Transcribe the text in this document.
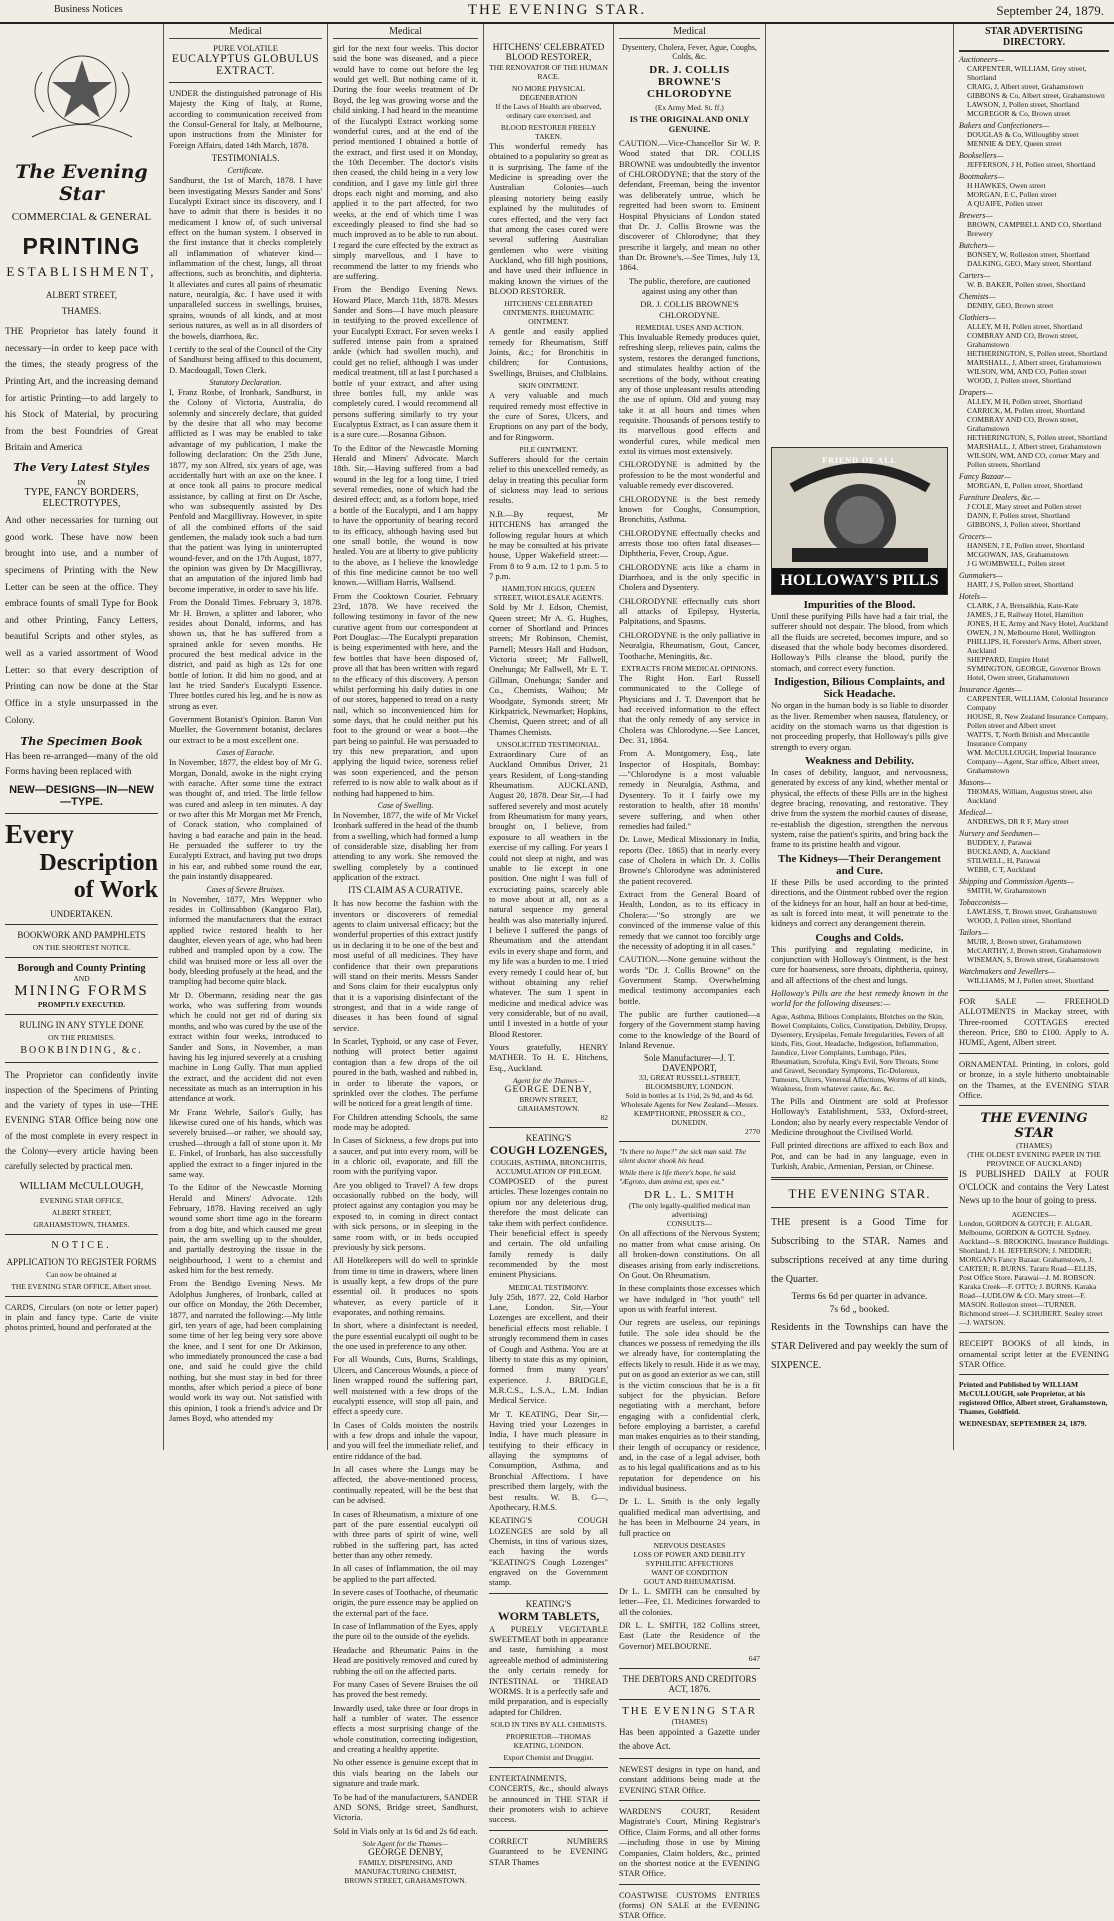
Business Notices	THE EVENING STAR.	September 24, 1879.
The Evening Star
COMMERCIAL & GENERAL
PRINTING
ESTABLISHMENT,
ALBERT STREET,
THAMES.

THE Proprietor has lately found it necessary—in order to keep pace with the times, the steady progress of the Printing Art, and the increasing demand for artistic Printing—to add largely to his Stock of Material, by procuring from the best Foundries of Great Britain and America

The Very Latest Styles
IN
TYPE, FANCY BORDERS, ELECTROTYPES,

And other necessaries for turning out good work. These have now been brought into use, and a number of specimens of Printing with the New Letter can be seen at the office. They embrace founts of small Type for Book and other Printing, Fancy Letters, beautiful Scripts and other styles, as well as a varied assortment of Wood Letter: so that every description of Printing can now be done at the Star Office in a style unsurpassed in the Colony.

The Specimen Book

Has been re-arranged—many of the old Forms having been replaced with

NEW—DESIGNS—IN—NEW—TYPE.
Every
Description
of Work
UNDERTAKEN.
BOOKWORK AND PAMPHLETS
ON THE SHORTEST NOTICE.
Borough and County Printing
AND
MINING FORMS
PROMPTLY EXECUTED.
RULING IN ANY STYLE DONE
ON THE PREMISES.
BOOKBINDING, &c.

The Proprietor can confidently invite inspection of the Specimens of Printing and the variety of types in use—THE EVENING STAR Office being now one of the most complete in every respect in the Colony—every article having been carefully selected by practical men.

WILLIAM McCULLOUGH,
EVENING STAR OFFICE,
ALBERT STREET,
GRAHAMSTOWN, THAMES.
NOTICE.

APPLICATION TO REGISTER FORMS

Can now be obtained at

THE EVENING STAR OFFICE, Albert street.

CARDS, Circulars (on note or letter paper) in plain and fancy type. Carte de visite photos printed, bound and perforated at the

Medical
PURE VOLATILE
EUCALYPTUS GLOBULUS EXTRACT.

UNDER the distinguished patronage of His Majesty the King of Italy, at Rome, according to communication received from the Consul-General for Italy, at Melbourne, upon instructions from the Minister for Foreign Affairs, dated 14th March, 1878.

TESTIMONIALS.
Certificate.

Sandhurst, the 1st of March, 1878. I have been investigating Messrs Sander and Sons' Eucalypti Extract since its discovery, and I have to admit that there is besides it no medicament I know of, of such universal effect on the human system. I observed in the first instance that it checks completely all inflammation of whatever kind—inflammation of the chest, lungs, all throat affections, such as bronchitis, and diphteria. It alleviates and cures all pains of rheumatic nature, neuralgia, &c. I have used it with unparalleled success in swellings, bruises, sprains, wounds of all kinds, and at most serious natures, as well as in all disorders of the bowels, diarrhoea, &c.

I certify to the seal of the Council of the City of Sandhurst being affixed to this document, D. Macdougall, Town Clerk.

Statutory Declaration.

I, Franz Rosbe, of Ironbark, Sandhurst, in the Colony of Victoria, Australia, do solemnly and sincerely declare, that guided by the desire that all who may become afflicted as I was may be enabled to take advantage of my publication, I make the following declaration: On the 25th June, 1877, my son Alfred, six years of age, was accidentally hurt with an axe on the knee. I at once took all pains to procure medical assistance, by calling at first on Dr Asche, who was subsequently assisted by Drs Penfold and Macgillivray. However, in spite of all the combined efforts of the said gentlemen, the malady took such a bad turn that the patient was lying in uninterrupted wound-fever, and on the 17th August, 1877, the opinion was given by Dr Macgillivray, that an amputation of the injured limb had become imperative, in order to save his life.

From the Donald Times. February 3, 1878. Mr H. Brown, a splitter and laborer, who resides about Donald, informs, and has shown us, that he has suffered from a sprained ankle for seven months. He procured the best medical advice in the district, and paid as high as 12s for one bottle of lotion. It did him no good, and at last he tried Sander's Eucalypti Essence. Three bottles cured his leg, and he is now as strong as ever.

Government Botanist's Opinion. Baron Von Mueller, the Government botanist, declares our extract to be a most excellent one.

Cases of Earache.

In November, 1877, the eldest boy of Mr G. Morgan, Donald, awoke in the night crying with earache. After some time the extract was thought of, and tried. The little fellow was cured and asleep in ten minutes. A day or two after this Mr Morgan met Mr French, of Corack station, who complained of having a bad earache and pain in the head. He persuaded the sufferer to try the Eucalypti Extract, and having put two drops in his ear, and rubbed some round the ear, the pain instantly disappeared.

Cases of Severe Bruises.

In November, 1877, Mrs Weppner who resides in Collinsabbon (Kangaroo Flat), informed the manufacturers that the extract applied twice restored health to her daughter, eleven years of age, who had been rubbed and trampled upon by a cow. The child was bruised more or less all over the body, bleeding profusely at the head, and the trampling had become quite black.

Mr D. Obermann, residing near the gas works, who was suffering from wounds which he could not get rid of during six months, and who was cured by the use of the extract within four weeks, introduced to Sander and Sons, in November, a man having his leg injured severely at a crushing machine in Long Gully. That man applied the extract, and the accident did not even necessitate as much as an interruption in his attendance at work.

Mr Franz Wehrle, Sailor's Gully, has likewise cured one of his hands, which was severely bruised—or rather, we should say, crushed—through a fall of stone upon it. Mr E. Finkel, of Ironbark, has also successfully applied the extract to a finger injured in the same way.

To the Editor of the Newcastle Morning Herald and Miners' Advocate. 12th February, 1878. Having received an ugly wound some short time ago in the forearm from a dog bite, and which caused me great pain, the arm swelling up to the shoulder, and partially destroying the tissue in the neighbourhood, I went to a chemist and asked him for the best remedy.

From the Bendigo Evening News. Mr Adolphus Jungheres, of Ironbark, called at our office on Monday, the 26th December, 1877, and narrated the following:—My little girl, ten years of age, had been complaining some time of her leg being very sore above the knee, and I sent for one Dr Atkinson, who immediately pronounced the case a bad one, and said he could give the child nothing, but she must stay in bed for three months, after which period a piece of bone would work its way out. Not satisfied with this opinion, I took a friend's advice and Dr James Boyd, who attended my

Medical

girl for the next four weeks. This doctor said the bone was diseased, and a piece would have to come out before the leg would get well. But nothing came of it. During the four weeks treatment of Dr Boyd, the leg was growing worse and the child sinking. I had heard in the meantime of the Eucalypti Extract working some wonderful cures, and at the end of the period mentioned I obtained a bottle of the extract, and first used it on Monday, the 10th December. The doctor's visits then ceased, the child being in a very low condition, and I gave my little girl three drops each night and morning, and also applied it to the part affected, for two weeks, at the end of which time I was exceedingly pleased to find she had so much improved as to be able to run about. I regard the cure effected by the extract as simply marvellous, and I have to recommend the latter to my friends who are suffering.

From the Bendigo Evening News. Howard Place, March 11th, 1878. Messrs Sander and Sons—I have much pleasure in testifying to the proved excellence of your Eucalypti Extract. For seven weeks I suffered intense pain from a sprained ankle (which had swollen much), and could get no relief, although I was under medical treatment, till at last I purchased a bottle of your extract, and after using three bottles full, my ankle was completely cured. I would recommend all persons suffering similarly to try your Eucalyptus Extract, as I can assure them it is a sure cure.—Rosanna Gibson.

To the Editor of the Newcastle Morning Herald and Miners' Advocate. March 18th. Sir,—Having suffered from a bad wound in the leg for a long time, I tried several remedies, none of which had the desired effect; and, as a forlorn hope, tried a bottle of the Eucalypti, and I am happy to have the opportunity of bearing record to its efficacy, although having used but one small bottle, the wound is now healed. You are at liberty to give publicity to the above, as I believe the knowledge of this fine medicine cannot be too well known.—William Harris, Wallsend.

From the Cooktown Courier. February 23rd, 1878. We have received the following testimony in favor of the new curative agent from our correspondent at Port Douglas:—The Eucalypti preparation is being experimented with here, and the few bottles that have been disposed of, prove all that has been written with regard to the efficacy of this discovery. A person whilst performing his daily duties in one of our stores, happened to tread on a rusty nail, which so inconvenienced him for some days, that he could neither put his foot to the ground or wear a boot—the part being so painful. He was persuaded to try this new preparation, and upon applying the liquid twice, soreness relief was soon experienced, and the person referred to is now able to walk about as if nothing had happened to him.

Case of Swelling.

In November, 1877, the wife of Mr Vickel Ironbark suffered in the head of the thumb from a swelling, which had formed a lump of considerable size, disabling her from attending to any work. She removed the swelling completely by a continued application of the extract.

ITS CLAIM AS A CURATIVE.

It has now become the fashion with the inventors or discoverers of remedial agents to claim universal efficacy; but the wonderful properties of this extract justify us in declaring it to be one of the best and most useful of all medicines. They have confidence that their own preparations will stand on their merits. Messrs Sander and Sons claim for their eucalyptus only that it is a vaporising disinfectant of the strongest, and that in a wide range of diseases it has been found of signal service.

In Scarlet, Typhoid, or any case of Fever, nothing will protect better against contagion than a few drops of the oil poured in the bath, washed and rubbed in, in order to liberate the vapors, or sprinkled over the clothes. The perfume will be noticed for a great length of time.

For Children attending Schools, the same mode may be adopted.

In Cases of Sickness, a few drops put into a saucer, and put into every room, will be in a chloric oil, evaporate, and fill the room with the purifying vapor.

Are you obliged to Travel? A few drops occasionally rubbed on the body, will protect against any contagion you may be exposed to, in coming in direct contact with sick persons, or in sleeping in the same room with, or in beds occupied previously by sick persons.

All Hotelkeepers will do well to sprinkle from time to time in drawers, where linen is usually kept, a few drops of the pure essential oil. It produces no spots whatever, as every particle of it evaporates, and nothing remains.

In short, where a disinfectant is needed, the pure essential eucalypti oil ought to be the one used in preference to any other.

For all Wounds, Cuts, Burns, Scaldings, Ulcers, and Cancerous Wounds, a piece of linen wrapped round the suffering part, well moistened with a few drops of the eucalypti essence, will stop all pain, and effect a speedy cure.

In Cases of Colds moisten the nostrils with a few drops and inhale the vapour, and you will feel the immediate relief, and entire riddance of the bad.

In all cases where the Lungs may be affected, the above-mentioned process, continually repeated, will be the best that can be advised.

In cases of Rheumatism, a mixture of one part of the pure essential eucalypti oil with three parts of spirit of wine, well rubbed in the suffering part, has acted better than any other remedy.

In all cases of Inflammation, the oil may be applied to the part affected.

In severe cases of Toothache, of rheumatic origin, the pure essence may be applied on the external part of the face.

In case of Inflammation of the Eyes, apply the pure oil to the outside of the eyelids.

Headache and Rheumatic Pains in the Head are positively removed and cured by rubbing the oil on the affected parts.

For many Cases of Severe Bruises the oil has proved the best remedy.

Inwardly used, take three or four drops in half a tumbler of water. The essence effects a most surprising change of the whole constitution, correcting indigestion, and creating a healthy appetite.

No other essence is genuine except that in this vials bearing on the labels our signature and trade mark.

To be had of the manufacturers, SANDER AND SONS, Bridge street, Sandhurst, Victoria.

Sold in Vials only at 1s 6d and 2s 6d each.

Sole Agent for the Thames—
GEORGE DENBY,
FAMILY, DISPENSING, AND MANUFACTURING CHEMIST,
BROWN STREET, GRAHAMSTOWN.
HITCHENS' CELEBRATED BLOOD RESTORER,
THE RENOVATOR OF THE HUMAN RACE.
NO MORE PHYSICAL DEGENERATION

If the Laws of Health are observed, ordinary care exercised, and

BLOOD RESTORER FREELY TAKEN.

This wonderful remedy has obtained to a popularity so great as it is surprising. The fame of the Medicine is spreading over the Australian Colonies—such pleasing notoriety being easily explained by the multitudes of cures effected, and the very fact that among the cases cured were several suffering Australian gentlemen who were visiting Auckland, who fill high positions, and have used their influence in making known the virtues of the BLOOD RESTORER.

HITCHENS' CELEBRATED OINTMENTS. RHEUMATIC OINTMENT.

A gentle and easily applied remedy for Rheumatism, Stiff Joints, &c.; for Bronchitis in children; for Contusions, Swellings, Bruises, and Chilblains.

SKIN OINTMENT.

A very valuable and much required remedy most effective in the cure of Sores, Ulcers, and Eruptions on any part of the body, and for Ringworm.

PILE OINTMENT.

Sufferers should for the certain relief to this unexcelled remedy, as delay in treating this peculiar form of sickness may lead to serious results.

N.B.—By request, Mr HITCHENS has arranged the following regular hours at which he may be consulted at his private house, Upper Wakefield street:— From 8 to 9 a.m. 12 to 1 p.m. 5 to 7 p.m.

HAMILTON HIGGS, QUEEN STREET, WHOLESALE AGENTS.

Sold by Mr J. Edson, Chemist, Queen street; Mr A. G. Hughes, corner of Shortland and Princes streets; Mr Robinson, Chemist, Parnell; Messrs Hall and Hudson, Victoria street; Mr Fallwell, Onehunga; Mr Fallwell, Mr E. T. Gillman, Onehunga; Sander and Co., Chemists, Waihou; Mr Woodgate, Symonds street; Mr Kirkpatrick, Newmarket; Hopkins, Chemist, Queen street; and of all Thames Chemists.

UNSOLICITED TESTIMONIAL.

Extraordinary Cure of an Auckland Omnibus Driver, 21 years Resident, of Long-standing Rheumatism. AUCKLAND, August 20, 1878. Dear Sir,—I had suffered severely and most acutely from Rheumatism for many years, brought on, I believe, from exposure to all weathers in the exercise of my calling. For years I could not sleep at night, and was unable to lie except in one position. One night I was full of excruciating pains, scarcely able to move about at all, not as a natural sequence my general health was also materially injured. I believe I suffered the pangs of Rheumatism and the attendant evils in every shape and form, and my life was a burden to me. I tried every remedy I could hear of, but without obtaining any relief whatever. The sum I spent in medicine and medical advice was very considerable, but of no avail, until I invested in a bottle of your Blood Restorer.

Yours gratefully, HENRY MATHER. To H. E. Hitchens, Esq., Auckland.

Agent for the Thames—
GEORGE DENBY,
BROWN STREET, GRAHAMSTOWN.
82
KEATING'S
COUGH LOZENGES,
COUGHS, ASTHMA, BRONCHITIS, ACCUMULATION OF PHLEGM.

COMPOSED of the purest articles. These lozenges contain no opium nor any deleterious drug, therefore the most delicate can take them with perfect confidence. Their beneficial effect is speedy and certain. The old unfailing family remedy is daily recommended by the most eminent Physicians.

MEDICAL TESTIMONY.

July 25th, 1877. 22, Cold Harbor Lane, London. Sir,—Your Lozenges are excellent, and their beneficial effects most reliable. I strongly recommend them in cases of Cough and Asthma. You are at liberty to state this as my opinion, formed from many years' experience. J. BRIDGLE, M.R.C.S., L.S.A., L.M. Indian Medical Service.

Mr T. KEATING, Dear Sir,—Having tried your Lozenges in India, I have much pleasure in testifying to their efficacy in allaying the symptoms of Consumption, Asthma, and Bronchial Affections. I have prescribed them largely, with the best results. W. B. G—, Apothecary, H.M.S.

KEATING'S COUGH LOZENGES are sold by all Chemists, in tins of various sizes, each having the words "KEATING'S Cough Lozenges" engraved on the Government stamp.

KEATING'S
WORM TABLETS,

A PURELY VEGETABLE SWEETMEAT both in appearance and taste, furnishing a most agreeable method of administering the only certain remedy for INTESTINAL or THREAD WORMS. It is a perfectly safe and mild preparation, and is especially adapted for Children.

SOLD IN TINS BY ALL CHEMISTS.

PROPRIETOR—THOMAS KEATING, LONDON.

Export Chemist and Druggist.

ENTERTAINMENTS, CONCERTS, &c., should always be announced in THE STAR if their promoters wish to achieve success.

CORRECT NUMBERS Guaranteed to be EVENING STAR Thames

Medical
Dysentery, Cholera, Fever, Ague, Coughs, Colds, &c.
DR. J. COLLIS BROWNE'S CHLORODYNE
(Ex Army Med. St. ff.)
IS THE ORIGINAL AND ONLY GENUINE.

CAUTION.—Vice-Chancellor Sir W. P. Wood stated that DR. COLLIS BROWNE was undoubtedly the inventor of CHLORODYNE; that the story of the defendant, Freeman, being the inventor was deliberately untrue, which he regretted had been sworn to. Eminent Hospital Physicians of London stated that Dr. J. Collis Browne was the discoverer of Chlorodyne; that they prescribe it largely, and mean no other than Dr. Browne's.—See Times, July 13, 1864.

The public, therefore, are cautioned against using any other than

DR. J. COLLIS BROWNE'S CHLORODYNE.

REMEDIAL USES AND ACTION.

This Invaluable Remedy produces quiet, refreshing sleep, relieves pain, calms the system, restores the deranged functions, and stimulates healthy action of the secretions of the body, without creating any of those unpleasant results attending the use of opium. Old and young may take it at all hours and times when requisite. Thousands of persons testify to its marvellous good effects and wonderful cures, while medical men extol its virtues most extensively.

CHLORODYNE is admitted by the profession to be the most wonderful and valuable remedy ever discovered.

CHLORODYNE is the best remedy known for Coughs, Consumption, Bronchitis, Asthma.

CHLORODYNE effectually checks and arrests those too often fatal diseases—Diphtheria, Fever, Croup, Ague.

CHLORODYNE acts like a charm in Diarrhoea, and is the only specific in Cholera and Dysentery.

CHLORODYNE effectually cuts short all attacks of Epilepsy, Hysteria, Palpitations, and Spasms.

CHLORODYNE is the only palliative in Neuralgia, Rheumatism, Gout, Cancer, Toothache, Meningitis, &c.

EXTRACTS FROM MEDICAL OPINIONS.

The Right Hon. Earl Russell communicated to the College of Physicians and J. T. Davenport that he had received information to the effect that the only remedy of any service in Cholera was Chlorodyne.—See Lancet, Dec. 31, 1864.

From A. Montgomery, Esq., late Inspector of Hospitals, Bombay:—"Chlorodyne is a most valuable remedy in Neuralgia, Asthma, and Dysentery. To it I fairly owe my restoration to health, after 18 months' severe suffering, and when other remedies had failed."

Dr. Lowe, Medical Missionary in India, reports (Dec. 1865) that in nearly every case of Cholera in which Dr. J. Collis Browne's Chlorodyne was administered the patient recovered.

Extract from the General Board of Health, London, as to its efficacy in Cholera:—"So strongly are we convinced of the immense value of this remedy that we cannot too forcibly urge the necessity of adopting it in all cases."

CAUTION.—None genuine without the words "Dr. J. Collis Browne" on the Government Stamp. Overwhelming medical testimony accompanies each bottle.

The public are further cautioned—a forgery of the Government stamp having come to the knowledge of the Board of Inland Revenue.

Sole Manufacturer—J. T. DAVENPORT,
33, GREAT RUSSELL-STREET, BLOOMSBURY, LONDON.
Sold in bottles at 1s 1½d, 2s 9d, and 4s 6d.
Wholesale Agents for New Zealand—Messrs. KEMPTHORNE, PROSSER & CO., DUNEDIN.
2770

"Is there no hope?" the sick man said. The silent doctor shook his head.

While there is life there's hope, he said. "Ægroto, dum anima est, spes est."

DR L. L. SMITH
(The only legally-qualified medical man advertising)
CONSULTS—

On all affections of the Nervous System; no matter from what cause arising. On all broken-down constitutions. On all diseases arising from early indiscretions. On Gout. On Rheumatism.

In these complaints those excesses which we have indulged in "hot youth" tell upon us with fearful interest.

Our regrets are useless, our repinings futile. The sole idea should be the chances we possess of remedying the ills we already have, for contemplating the effects likely to result. Hide it as we may, put on as good an exterior as we can, still is the victim conscious that he is a fit subject for the physician. Before negotiating with a merchant, before engaging with a confidential clerk, before employing a barrister, a careful man makes enquiries as to their standing, their length of occupancy or residence, and, in the case of a legal adviser, both as to his legal qualifications and as to his reputation for dependence on his individual business.

Dr L. L. Smith is the only legally qualified medical man advertising, and he has been in Melbourne 24 years, in full practice on

NERVOUS DISEASES
LOSS OF POWER AND DEBILITY
SYPHILITIC AFFECTIONS
WANT OF CONDITION
GOUT AND RHEUMATISM.

Dr L. L. SMITH can be consulted by letter—Fee, £1. Medicines forwarded to all the colonies.

DR L. L. SMITH, 182 Collins street, East (Late the Residence of the Governor) MELBOURNE.

647
THE DEBTORS AND CREDITORS ACT, 1876.
THE EVENING STAR
(THAMES)

Has been appointed a Gazette under the above Act.

NEWEST designs in type on hand, and constant additions being made at the EVENING STAR Office.

WARDEN'S COURT, Resident Magistrate's Court, Mining Registrar's Office, Claim Forms, and all other forms—including those in use by Mining Companies, Claim holders, &c., printed on the shortest notice at the EVENING STAR Office.

COASTWISE CUSTOMS ENTRIES (forms) ON SALE at the EVENING STAR Office.

FRIEND OF ALL
HOLLOWAY'S PILLS
Impurities of the Blood.

Until these purifying Pills have had a fair trial, the sufferer should not despair. The blood, from which all the fluids are secreted, becomes impure, and so diseased that the whole body becomes disordered. Holloway's Pills cleanse the blood, purify the stomach, and correct every function.

Indigestion, Bilious Complaints, and Sick Headache.

No organ in the human body is so liable to disorder as the liver. Remember when nausea, flatulency, or acidity on the stomach warns us that digestion is not proceeding properly, that Holloway's pills give strength to every organ.

Weakness and Debility.

In cases of debility, languor, and nervousness, generated by excess of any kind, whether mental or physical, the effects of these Pills are in the highest degree bracing, renovating, and restorative. They drive from the system the morbid causes of disease, re-establish the digestion, strengthen the nervous system, raise the patient's spirits, and bring back the frame to its pristine health and vigour.

The Kidneys—Their Derangement and Cure.

If these Pills be used according to the printed directions, and the Ointment rubbed over the region of the kidneys for an hour, half an hour at bed-time, as salt is forced into meat, it will penetrate to the kidneys and correct any derangement therein.

Coughs and Colds.

This purifying and regulating medicine, in conjunction with Holloway's Ointment, is the best cure for hoarseness, sore throats, diphtheria, quinsy, and all affections of the chest and lungs.

Holloway's Pills are the best remedy known in the world for the following diseases:—

Ague, Asthma, Bilious Complaints, Blotches on the Skin, Bowel Complaints, Colics, Constipation, Debility, Dropsy, Dysentery, Erysipelas, Female Irregularities, Fevers of all kinds, Fits, Gout, Headache, Indigestion, Inflammation, Jaundice, Liver Complaints, Lumbago, Piles, Rheumatism, Scrofula, King's Evil, Sore Throats, Stone and Gravel, Secondary Symptoms, Tic-Doloreux, Tumours, Ulcers, Venereal Affections, Worms of all kinds, Weakness, from whatever cause, &c. &c.

The Pills and Ointment are sold at Professor Holloway's Establishment, 533, Oxford-street, London; also by nearly every respectable Vendor of Medicine throughout the Civilised World.

Full printed directions are affixed to each Box and Pot, and can be had in any language, even in Turkish, Arabic, Armenian, Persian, or Chinese.

THE EVENING STAR.

THE present is a Good Time for Subscribing to the STAR. Names and subscriptions received at any time during the Quarter.

Terms 6s 6d per quarter in advance.

7s 6d „ booked.

Residents in the Townships can have the STAR Delivered and pay weekly the sum of SIXPENCE.

STAR ADVERTISING DIRECTORY.
Auctioneers—
CARPENTER, WILLIAM, Grey street, Shortland
CRAIG, J, Albert street, Grahamstown
GIBBONS & Co, Albert street, Grahamstown
LAWSON, J, Pollen street, Shortland
MCGREGOR & Co, Brown street
Bakers and Confectioners—
DOUGLAS & Co, Willoughby street
MENNIE & DEY, Queen street
Booksellers—
JEFFERSON, J H, Pollen street, Shortland
Bootmakers—
H HAWKES, Owen street
MORGAN, E C, Pollen street
A QUAIFE, Pollen street
Brewers—
BROWN, CAMPBELL AND CO, Shortland Brewery
Butchers—
BONSEY, W, Rolleston street, Shortland
DALKING, GEO, Mary street, Shortland
Carters—
W. B. BAKER, Pollen street, Shortland
Chemists—
DENBY, GEO, Brown street
Clothiers—
ALLEY, M H, Pollen street, Shortland
COMBRAY AND CO, Brown street, Grahamstown
HETHERINGTON, S, Pollen street, Shortland
MARSHALL, J, Albert street, Grahamstown
WILSON, WM, AND CO, Pollen street
WOOD, J, Pollen street, Shortland
Drapers—
ALLEY, M H, Pollen street, Shortland
CARRICK, M, Pollen street, Shortland
COMBRAY AND CO, Brown street, Grahamstown
HETHERINGTON, S, Pollen street, Shortland
MARSHALL, J, Albert street, Grahamstown
WILSON, WM, AND CO, corner Mary and Pollen streets, Shortland
Fancy Bazaar—
MORGAN, E, Pollen street, Shortland
Furniture Dealers, &c.—
J COLE, Mary street and Pollen street
DANN, F, Pollen street, Shortland
GIBBONS, J, Pollen street, Shortland
Grocers—
HANSEN, J E, Pollen street, Shortland
MCGOWAN, JAS, Grahamstown
J G WOMBWELL, Pollen street
Gunmakers—
HART, J S, Pollen street, Shortland
Hotels—
CLARK, J A, Bretsalkhia, Kate-Kate
JAMES, J E, Railway Hotel, Hamilton
JONES, H E, Army and Navy Hotel, Auckland
OWEN, J N, Melbourne Hotel, Wellington
PHILLIPS, H, Forester's Arms, Albert street, Auckland
SHEPPARD, Empire Hotel
SYMINGTON, GEORGE, Governor Brown Hotel, Owen street, Grahamstown
Insurance Agents—
CARPENTER, WILLIAM, Colonial Insurance Company
HOUSE, R, New Zealand Insurance Company, Pollen street and Albert street
WATTS, T, North British and Mercantile Insurance Company
WM. McCULLOUGH, Imperial Insurance Company—Agent, Star office, Albert street, Grahamstown
Masons—
THOMAS, William, Augustus street, also Auckland
Medical—
ANDREWS, DR R F, Mary street
Nursery and Seedsmen—
BUDDEY, J, Parawai
BUCKLAND, A, Auckland
STILWELL, H, Parawai
WEBB, C T, Auckland
Shipping and Commission Agents—
SMITH, W, Grahamstown
Tobacconists—
LAWLESS, T, Brown street, Grahamstown
WOOD, J, Pollen street, Shortland
Tailors—
MUIR, J, Brown street, Grahamstown
McCARTHY, J, Brown street, Grahamstown
WISEMAN, S, Brown street, Grahamstown
Watchmakers and Jewellers—
WILLIAMS, M J, Pollen street, Shortland

FOR SALE — FREEHOLD ALLOTMENTS in Mackay street, with Three-roomed COTTAGES erected thereon. Price, £80 to £100. Apply to A. HUME, Agent, Albert street.

ORNAMENTAL Printing, in colors, gold or bronze, in a style hitherto unobtainable on the Thames, at the EVENING STAR Office.

THE EVENING STAR
(THAMES)
(THE OLDEST EVENING PAPER IN THE PROVINCE OF AUCKLAND)

IS PUBLISHED DAILY at FOUR O'CLOCK and contains the Very Latest News up to the hour of going to press.

AGENCIES—

London, GORDON & GOTCH; F. ALGAR. Melbourne, GORDON & GOTCH. Sydney. Auckland—S. BROOKING, Insurance Buildings. Shortland, J. H. JEFFERSON; J. NEDDER; MORGAN's Fancy Bazaar. Grahamstown, J. CARTER; R. BURNS. Tararu Road—ELLIS, Post Office Store. Parawai—J. M. ROBSON. Karaka Creek—F. OTTO; J. BURNS. Karaka Road—LUDLOW & CO. Mary street—F. MASON. Rolleston street—TURNER. Richmond street—J. SCHUBERT. Sealey street—J. WATSON.

RECEIPT BOOKS of all kinds, in ornamental script letter at the EVENING STAR Office.

Printed and Published by WILLIAM McCULLOUGH, sole Proprietor, at his registered Office, Albert street, Grahamstown, Thames, Goldfield.

WEDNESDAY, SEPTEMBER 24, 1879.
